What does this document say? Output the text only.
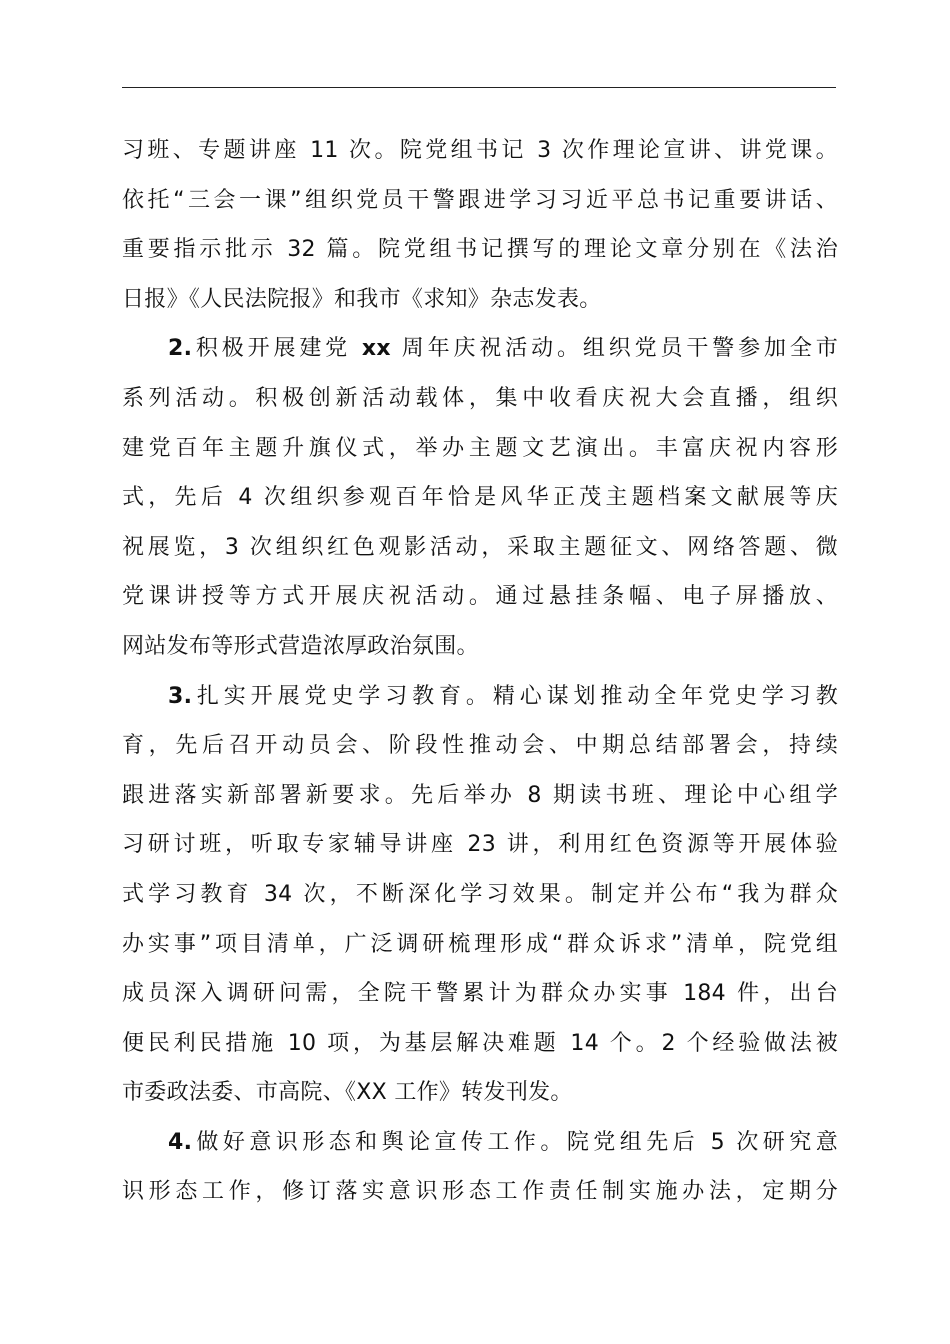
习班、专题讲座 11 次。院党组书记 3 次作理论宣讲、讲党课。
依托“三会一课”组织党员干警跟进学习习近平总书记重要讲话、
重要指示批示 32 篇。院党组书记撰写的理论文章分别在《法治
日报》《人民法院报》和我市《求知》杂志发表。
2.积极开展建党 xx 周年庆祝活动。组织党员干警参加全市
系列活动。积极创新活动载体，集中收看庆祝大会直播，组织
建党百年主题升旗仪式，举办主题文艺演出。丰富庆祝内容形
式，先后 4 次组织参观百年恰是风华正茂主题档案文献展等庆
祝展览，3 次组织红色观影活动，采取主题征文、网络答题、微
党课讲授等方式开展庆祝活动。通过悬挂条幅、电子屏播放、
网站发布等形式营造浓厚政治氛围。
3.扎实开展党史学习教育。精心谋划推动全年党史学习教
育，先后召开动员会、阶段性推动会、中期总结部署会，持续
跟进落实新部署新要求。先后举办 8 期读书班、理论中心组学
习研讨班，听取专家辅导讲座 23 讲，利用红色资源等开展体验
式学习教育 34 次，不断深化学习效果。制定并公布“我为群众
办实事”项目清单，广泛调研梳理形成“群众诉求”清单，院党组
成员深入调研问需，全院干警累计为群众办实事 184 件，出台
便民利民措施 10 项，为基层解决难题 14 个。2 个经验做法被
市委政法委、市高院、《XX 工作》转发刊发。
4.做好意识形态和舆论宣传工作。院党组先后 5 次研究意
识形态工作，修订落实意识形态工作责任制实施办法，定期分
